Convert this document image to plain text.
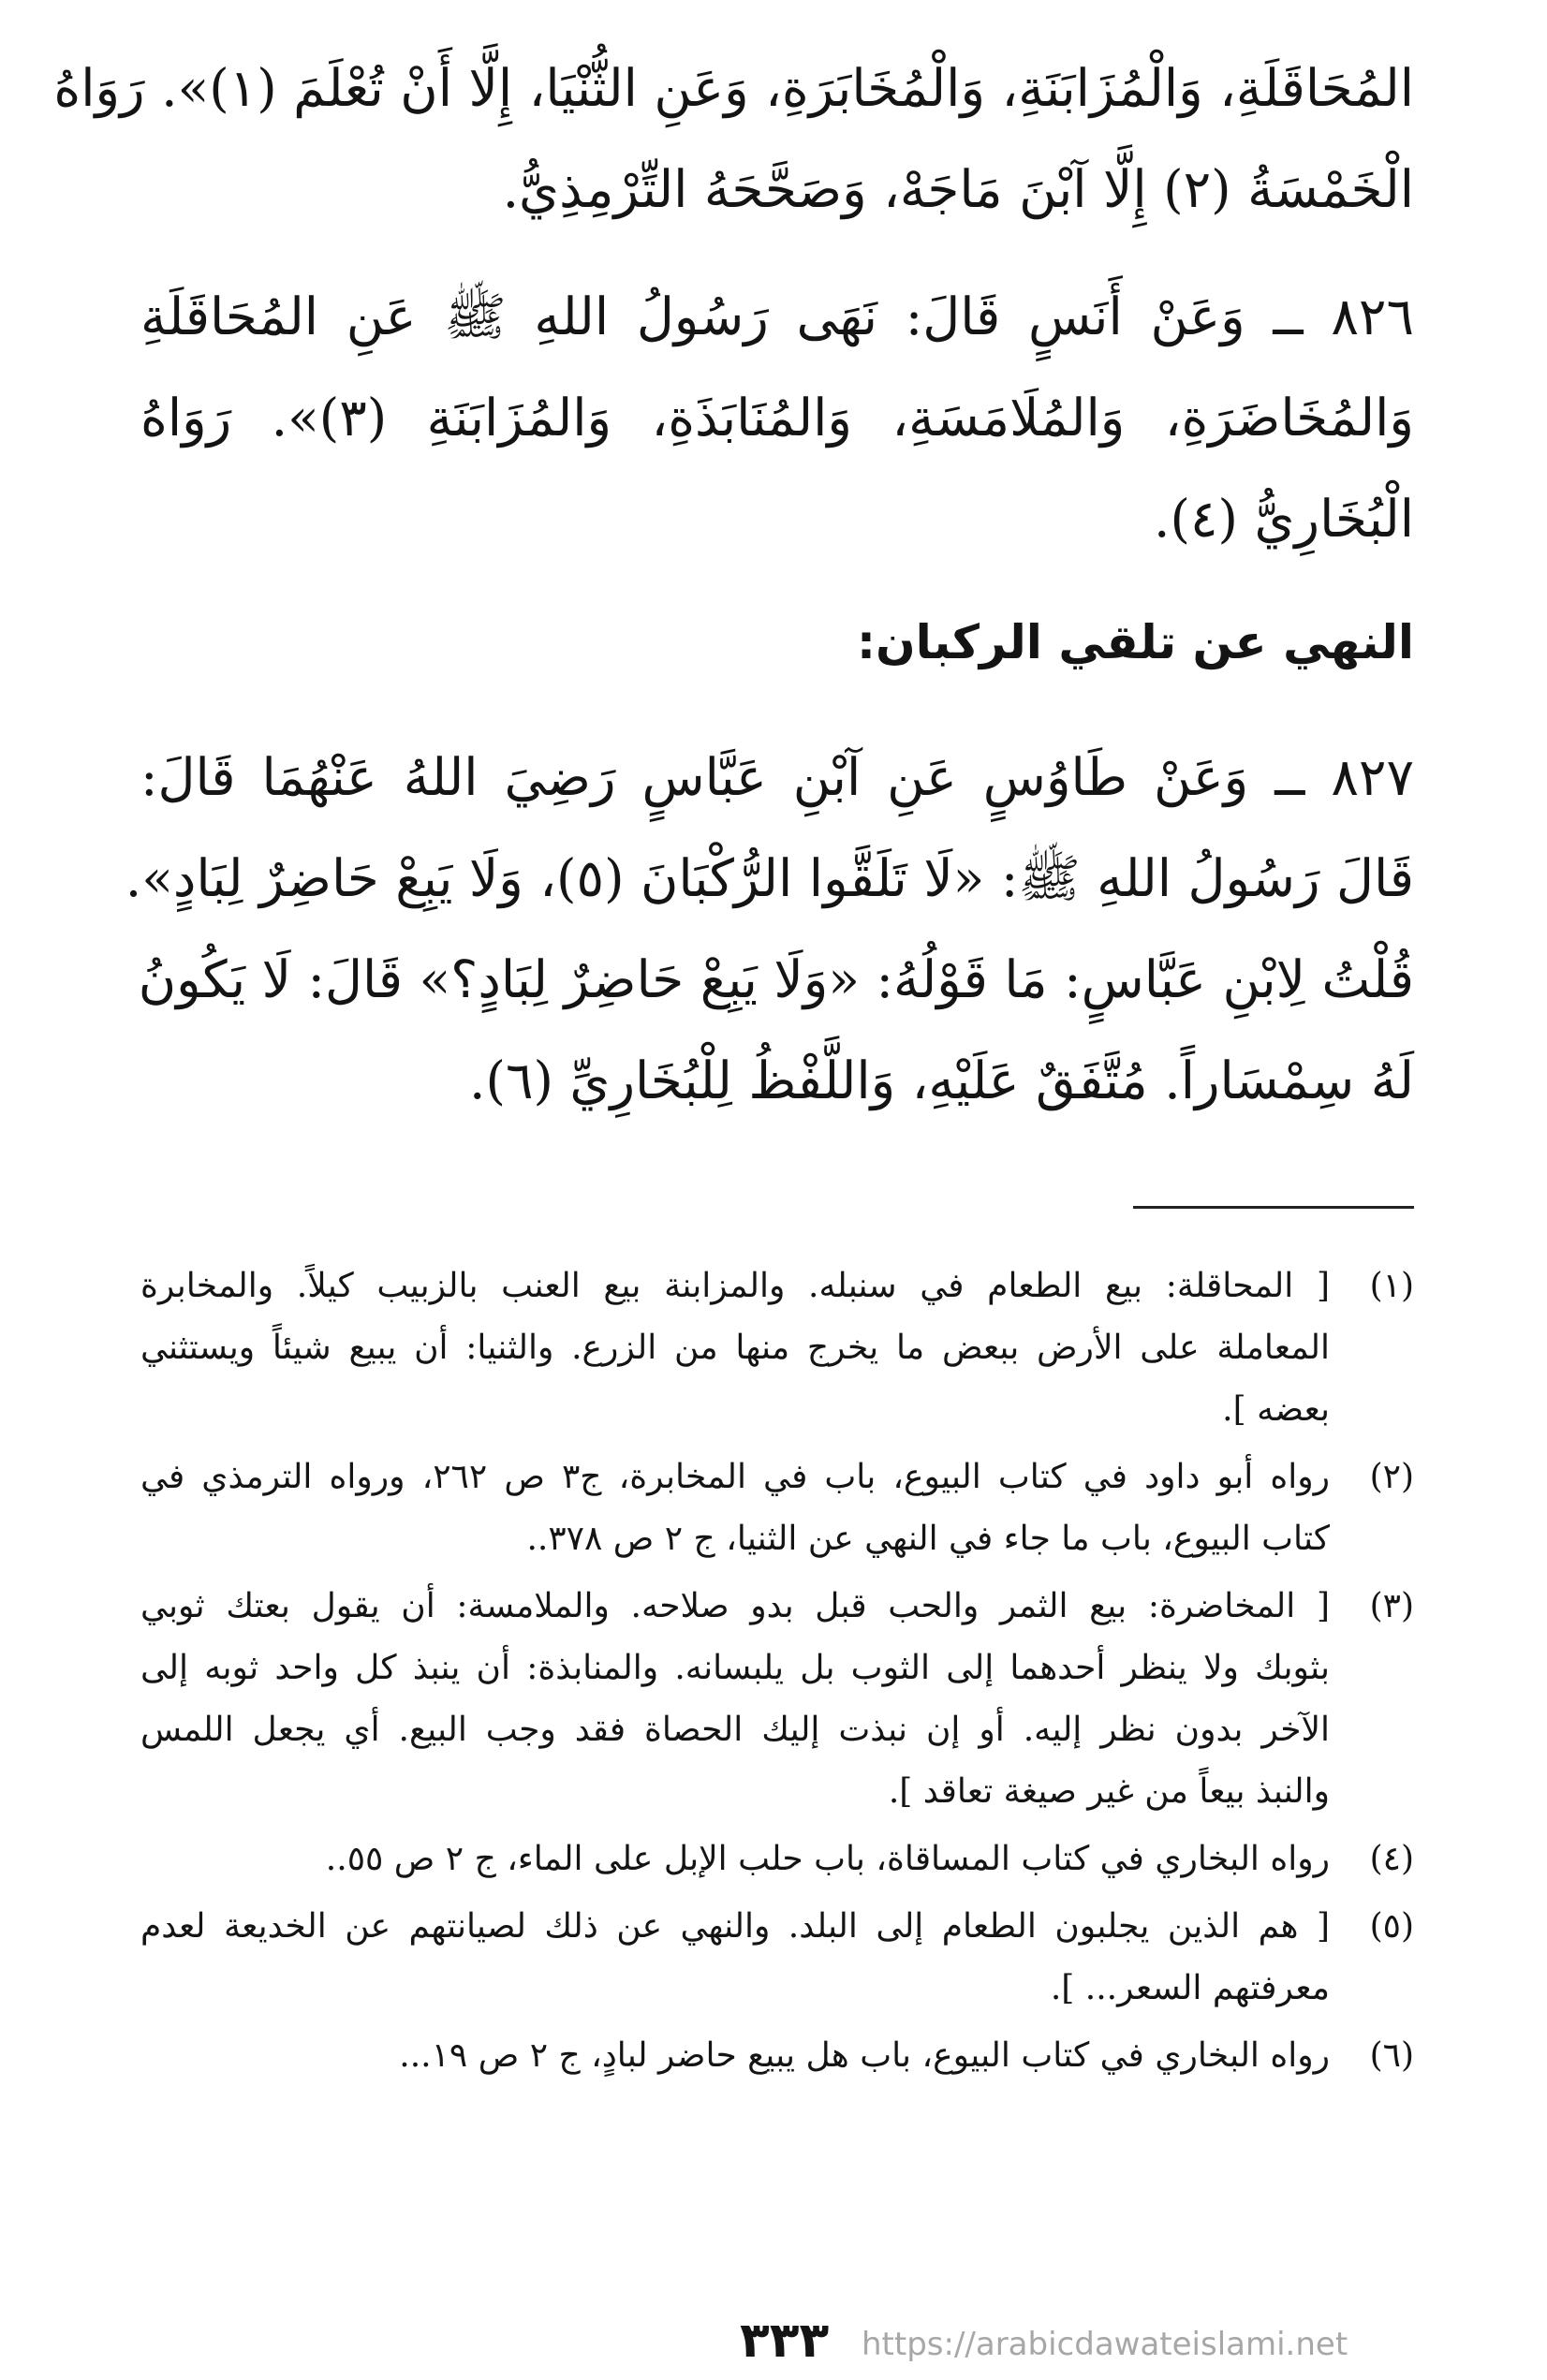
المُحَاقَلَةِ، وَالْمُزَابَنَةِ، وَالْمُخَابَرَةِ، وَعَنِ الثُّنْيَا، إِلَّا أَنْ تُعْلَمَ (١)». رَوَاهُ
الْخَمْسَةُ (٢) إِلَّا آبْنَ مَاجَهْ، وَصَحَّحَهُ التِّرْمِذِيُّ.
٨٢٦ ــ وَعَنْ أَنَسٍ قَالَ: نَهَى رَسُولُ اللهِ ﷺ عَنِ المُحَاقَلَةِ
وَالمُخَاضَرَةِ، وَالمُلَامَسَةِ، وَالمُنَابَذَةِ، وَالمُزَابَنَةِ (٣)». رَوَاهُ
الْبُخَارِيُّ (٤).
النهي عن تلقي الركبان:
٨٢٧ ــ وَعَنْ طَاوُسٍ عَنِ آبْنِ عَبَّاسٍ رَضِيَ اللهُ عَنْهُمَا قَالَ:
قَالَ رَسُولُ اللهِ ﷺ: «لَا تَلَقَّوا الرُّكْبَانَ (٥)، وَلَا يَبِعْ حَاضِرٌ لِبَادٍ».
قُلْتُ لِابْنِ عَبَّاسٍ: مَا قَوْلُهُ: «وَلَا يَبِعْ حَاضِرٌ لِبَادٍ؟» قَالَ: لَا يَكُونُ
لَهُ سِمْسَاراً. مُتَّفَقٌ عَلَيْهِ، وَاللَّفْظُ لِلْبُخَارِيِّ (٦).
(١)
[ المحاقلة: بيع الطعام في سنبله. والمزابنة بيع العنب بالزبيب كيلاً. والمخابرة
المعاملة على الأرض ببعض ما يخرج منها من الزرع. والثنيا: أن يبيع شيئاً ويستثني
بعضه ].
(٢)
رواه أبو داود في كتاب البيوع، باب في المخابرة، ج٣ ص ٢٦٢، ورواه الترمذي في
كتاب البيوع، باب ما جاء في النهي عن الثنيا، ج ٢ ص ٣٧٨..
(٣)
[ المخاضرة: بيع الثمر والحب قبل بدو صلاحه. والملامسة: أن يقول بعتك ثوبي
بثوبك ولا ينظر أحدهما إلى الثوب بل يلبسانه. والمنابذة: أن ينبذ كل واحد ثوبه إلى
الآخر بدون نظر إليه. أو إن نبذت إليك الحصاة فقد وجب البيع. أي يجعل اللمس
والنبذ بيعاً من غير صيغة تعاقد ].
(٤)
رواه البخاري في كتاب المساقاة، باب حلب الإبل على الماء، ج ٢ ص ٥٥..
(٥)
[ هم الذين يجلبون الطعام إلى البلد. والنهي عن ذلك لصيانتهم عن الخديعة لعدم
معرفتهم السعر... ].
(٦)
رواه البخاري في كتاب البيوع، باب هل يبيع حاضر لبادٍ، ج ٢ ص ١٩...
٣٣٣ https://arabicdawateislami.net
